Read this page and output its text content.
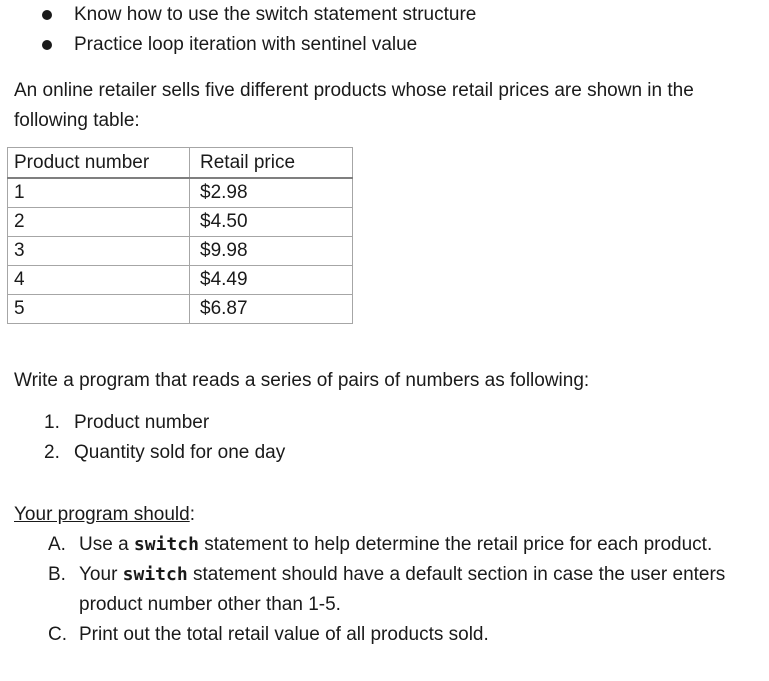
Know how to use the switch statement structure
Practice loop iteration with sentinel value

An online retailer sells five different products whose retail prices are shown in the following table:

Product number	Retail price
1	$2.98
2	$4.50
3	$9.98
4	$4.49
5	$6.87

Write a program that reads a series of pairs of numbers as following:

1. Product number
2. Quantity sold for one day

Your program should:

A. Use a switch statement to help determine the retail price for each product.
B. Your switch statement should have a default section in case the user enters product number other than 1-5.
C. Print out the total retail value of all products sold.
